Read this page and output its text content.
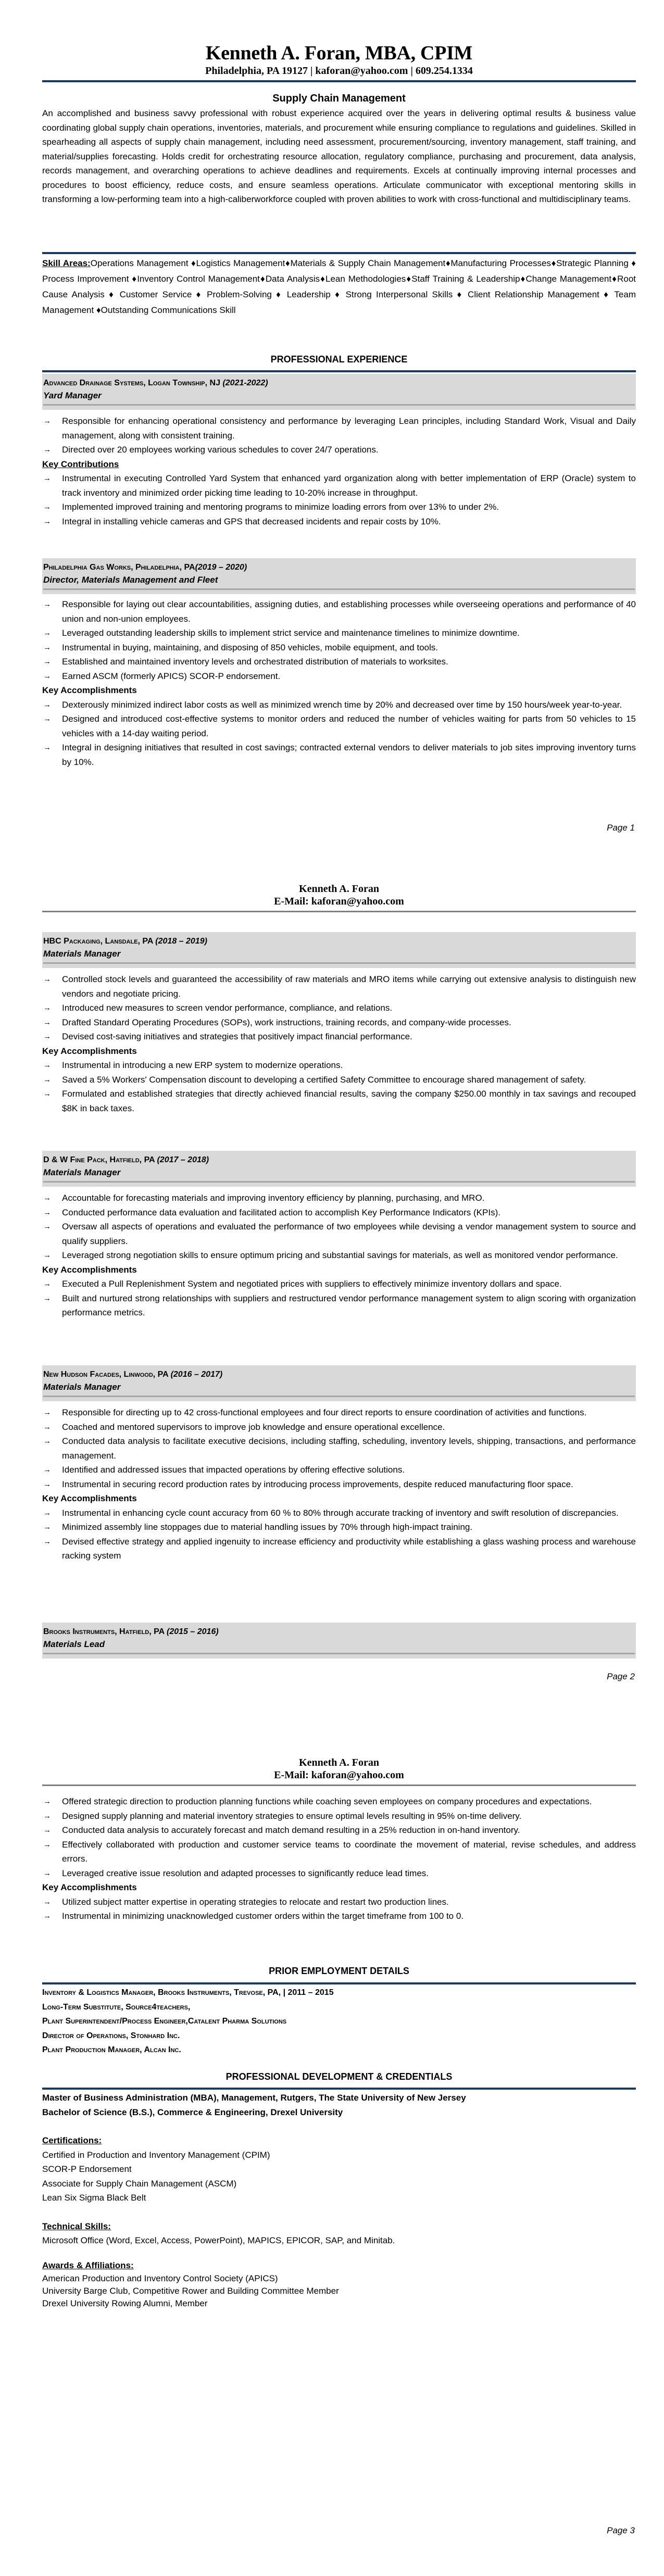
Kenneth A. Foran, MBA, CPIM
Philadelphia, PA 19127 | kaforan@yahoo.com | 609.254.1334
Supply Chain Management
An accomplished and business savvy professional with robust experience acquired over the years in delivering optimal results & business value coordinating global supply chain operations, inventories, materials, and procurement while ensuring compliance to regulations and guidelines. Skilled in spearheading all aspects of supply chain management, including need assessment, procurement/sourcing, inventory management, staff training, and material/supplies forecasting. Holds credit for orchestrating resource allocation, regulatory compliance, purchasing and procurement, data analysis, records management, and overarching operations to achieve deadlines and requirements. Excels at continually improving internal processes and procedures to boost efficiency, reduce costs, and ensure seamless operations. Articulate communicator with exceptional mentoring skills in transforming a low-performing team into a high-caliberworkforce coupled with proven abilities to work with cross-functional and multidisciplinary teams.
Skill Areas:Operations Management ♦Logistics Management♦Materials & Supply Chain Management♦Manufacturing Processes♦Strategic Planning ♦ Process Improvement ♦Inventory Control Management♦Data Analysis♦Lean Methodologies♦Staff Training & Leadership♦Change Management♦Root Cause Analysis ♦ Customer Service ♦ Problem-Solving ♦ Leadership ♦ Strong Interpersonal Skills ♦ Client Relationship Management ♦ Team Management ♦Outstanding Communications Skill
PROFESSIONAL EXPERIENCE
Advanced Drainage Systems, Logan Township, NJ (2021-2022)
Yard Manager
→ Responsible for enhancing operational consistency and performance by leveraging Lean principles, including Standard Work, Visual and Daily management, along with consistent training.
→ Directed over 20 employees working various schedules to cover 24/7 operations.
Key Contributions
→ Instrumental in executing Controlled Yard System that enhanced yard organization along with better implementation of ERP (Oracle) system to track inventory and minimized order picking time leading to 10-20% increase in throughput.
→ Implemented improved training and mentoring programs to minimize loading errors from over 13% to under 2%.
→ Integral in installing vehicle cameras and GPS that decreased incidents and repair costs by 10%.
Philadelphia Gas Works, Philadelphia, PA(2019 – 2020)
Director, Materials Management and Fleet
→ Responsible for laying out clear accountabilities, assigning duties, and establishing processes while overseeing operations and performance of 40 union and non-union employees.
→ Leveraged outstanding leadership skills to implement strict service and maintenance timelines to minimize downtime.
→ Instrumental in buying, maintaining, and disposing of 850 vehicles, mobile equipment, and tools.
→ Established and maintained inventory levels and orchestrated distribution of materials to worksites.
→ Earned ASCM (formerly APICS) SCOR-P endorsement.
Key Accomplishments
→ Dexterously minimized indirect labor costs as well as minimized wrench time by 20% and decreased over time by 150 hours/week year-to-year.
→ Designed and introduced cost-effective systems to monitor orders and reduced the number of vehicles waiting for parts from 50 vehicles to 15 vehicles with a 14-day waiting period.
→ Integral in designing initiatives that resulted in cost savings; contracted external vendors to deliver materials to job sites improving inventory turns by 10%.
Page 1
Kenneth A. Foran
E-Mail: kaforan@yahoo.com
HBC Packaging, Lansdale, PA (2018 – 2019)
Materials Manager
→ Controlled stock levels and guaranteed the accessibility of raw materials and MRO items while carrying out extensive analysis to distinguish new vendors and negotiate pricing.
→ Introduced new measures to screen vendor performance, compliance, and relations.
→ Drafted Standard Operating Procedures (SOPs), work instructions, training records, and company-wide processes.
→ Devised cost-saving initiatives and strategies that positively impact financial performance.
Key Accomplishments
→ Instrumental in introducing a new ERP system to modernize operations.
→ Saved a 5% Workers' Compensation discount to developing a certified Safety Committee to encourage shared management of safety.
→ Formulated and established strategies that directly achieved financial results, saving the company $250.00 monthly in tax savings and recouped $8K in back taxes.
D & W Fine Pack, Hatfield, PA (2017 – 2018)
Materials Manager
→ Accountable for forecasting materials and improving inventory efficiency by planning, purchasing, and MRO.
→ Conducted performance data evaluation and facilitated action to accomplish Key Performance Indicators (KPIs).
→ Oversaw all aspects of operations and evaluated the performance of two employees while devising a vendor management system to source and qualify suppliers.
→ Leveraged strong negotiation skills to ensure optimum pricing and substantial savings for materials, as well as monitored vendor performance.
Key Accomplishments
→ Executed a Pull Replenishment System and negotiated prices with suppliers to effectively minimize inventory dollars and space.
→ Built and nurtured strong relationships with suppliers and restructured vendor performance management system to align scoring with organization performance metrics.
New Hudson Facades, Linwood, PA (2016 – 2017)
Materials Manager
→ Responsible for directing up to 42 cross-functional employees and four direct reports to ensure coordination of activities and functions.
→ Coached and mentored supervisors to improve job knowledge and ensure operational excellence.
→ Conducted data analysis to facilitate executive decisions, including staffing, scheduling, inventory levels, shipping, transactions, and performance management.
→ Identified and addressed issues that impacted operations by offering effective solutions.
→ Instrumental in securing record production rates by introducing process improvements, despite reduced manufacturing floor space.
Key Accomplishments
→ Instrumental in enhancing cycle count accuracy from 60 % to 80% through accurate tracking of inventory and swift resolution of discrepancies.
→ Minimized assembly line stoppages due to material handling issues by 70% through high-impact training.
→ Devised effective strategy and applied ingenuity to increase efficiency and productivity while establishing a glass washing process and warehouse racking system
Brooks Instruments, Hatfield, PA (2015 – 2016)
Materials Lead
Page 2
Kenneth A. Foran
E-Mail: kaforan@yahoo.com
→ Offered strategic direction to production planning functions while coaching seven employees on company procedures and expectations.
→ Designed supply planning and material inventory strategies to ensure optimal levels resulting in 95% on-time delivery.
→ Conducted data analysis to accurately forecast and match demand resulting in a 25% reduction in on-hand inventory.
→ Effectively collaborated with production and customer service teams to coordinate the movement of material, revise schedules, and address errors.
→ Leveraged creative issue resolution and adapted processes to significantly reduce lead times.
Key Accomplishments
→ Utilized subject matter expertise in operating strategies to relocate and restart two production lines.
→ Instrumental in minimizing unacknowledged customer orders within the target timeframe from 100 to 0.
PRIOR EMPLOYMENT DETAILS
Inventory & Logistics Manager, Brooks Instruments, Trevose, PA, | 2011 – 2015
Long-Term Substitute, Source4teachers,
Plant Superintendent/Process Engineer,Catalent Pharma Solutions
Director of Operations, Stonhard Inc.
Plant Production Manager, Alcan Inc.
PROFESSIONAL DEVELOPMENT & CREDENTIALS
Master of Business Administration (MBA), Management, Rutgers, The State University of New Jersey
Bachelor of Science (B.S.), Commerce & Engineering, Drexel University
Certifications:
Certified in Production and Inventory Management (CPIM)
SCOR-P Endorsement
Associate for Supply Chain Management (ASCM)
Lean Six Sigma Black Belt
Technical Skills:
Microsoft Office (Word, Excel, Access, PowerPoint), MAPICS, EPICOR, SAP, and Minitab.
Awards & Affiliations:
American Production and Inventory Control Society (APICS)
University Barge Club, Competitive Rower and Building Committee Member
Drexel University Rowing Alumni, Member
Page 3
